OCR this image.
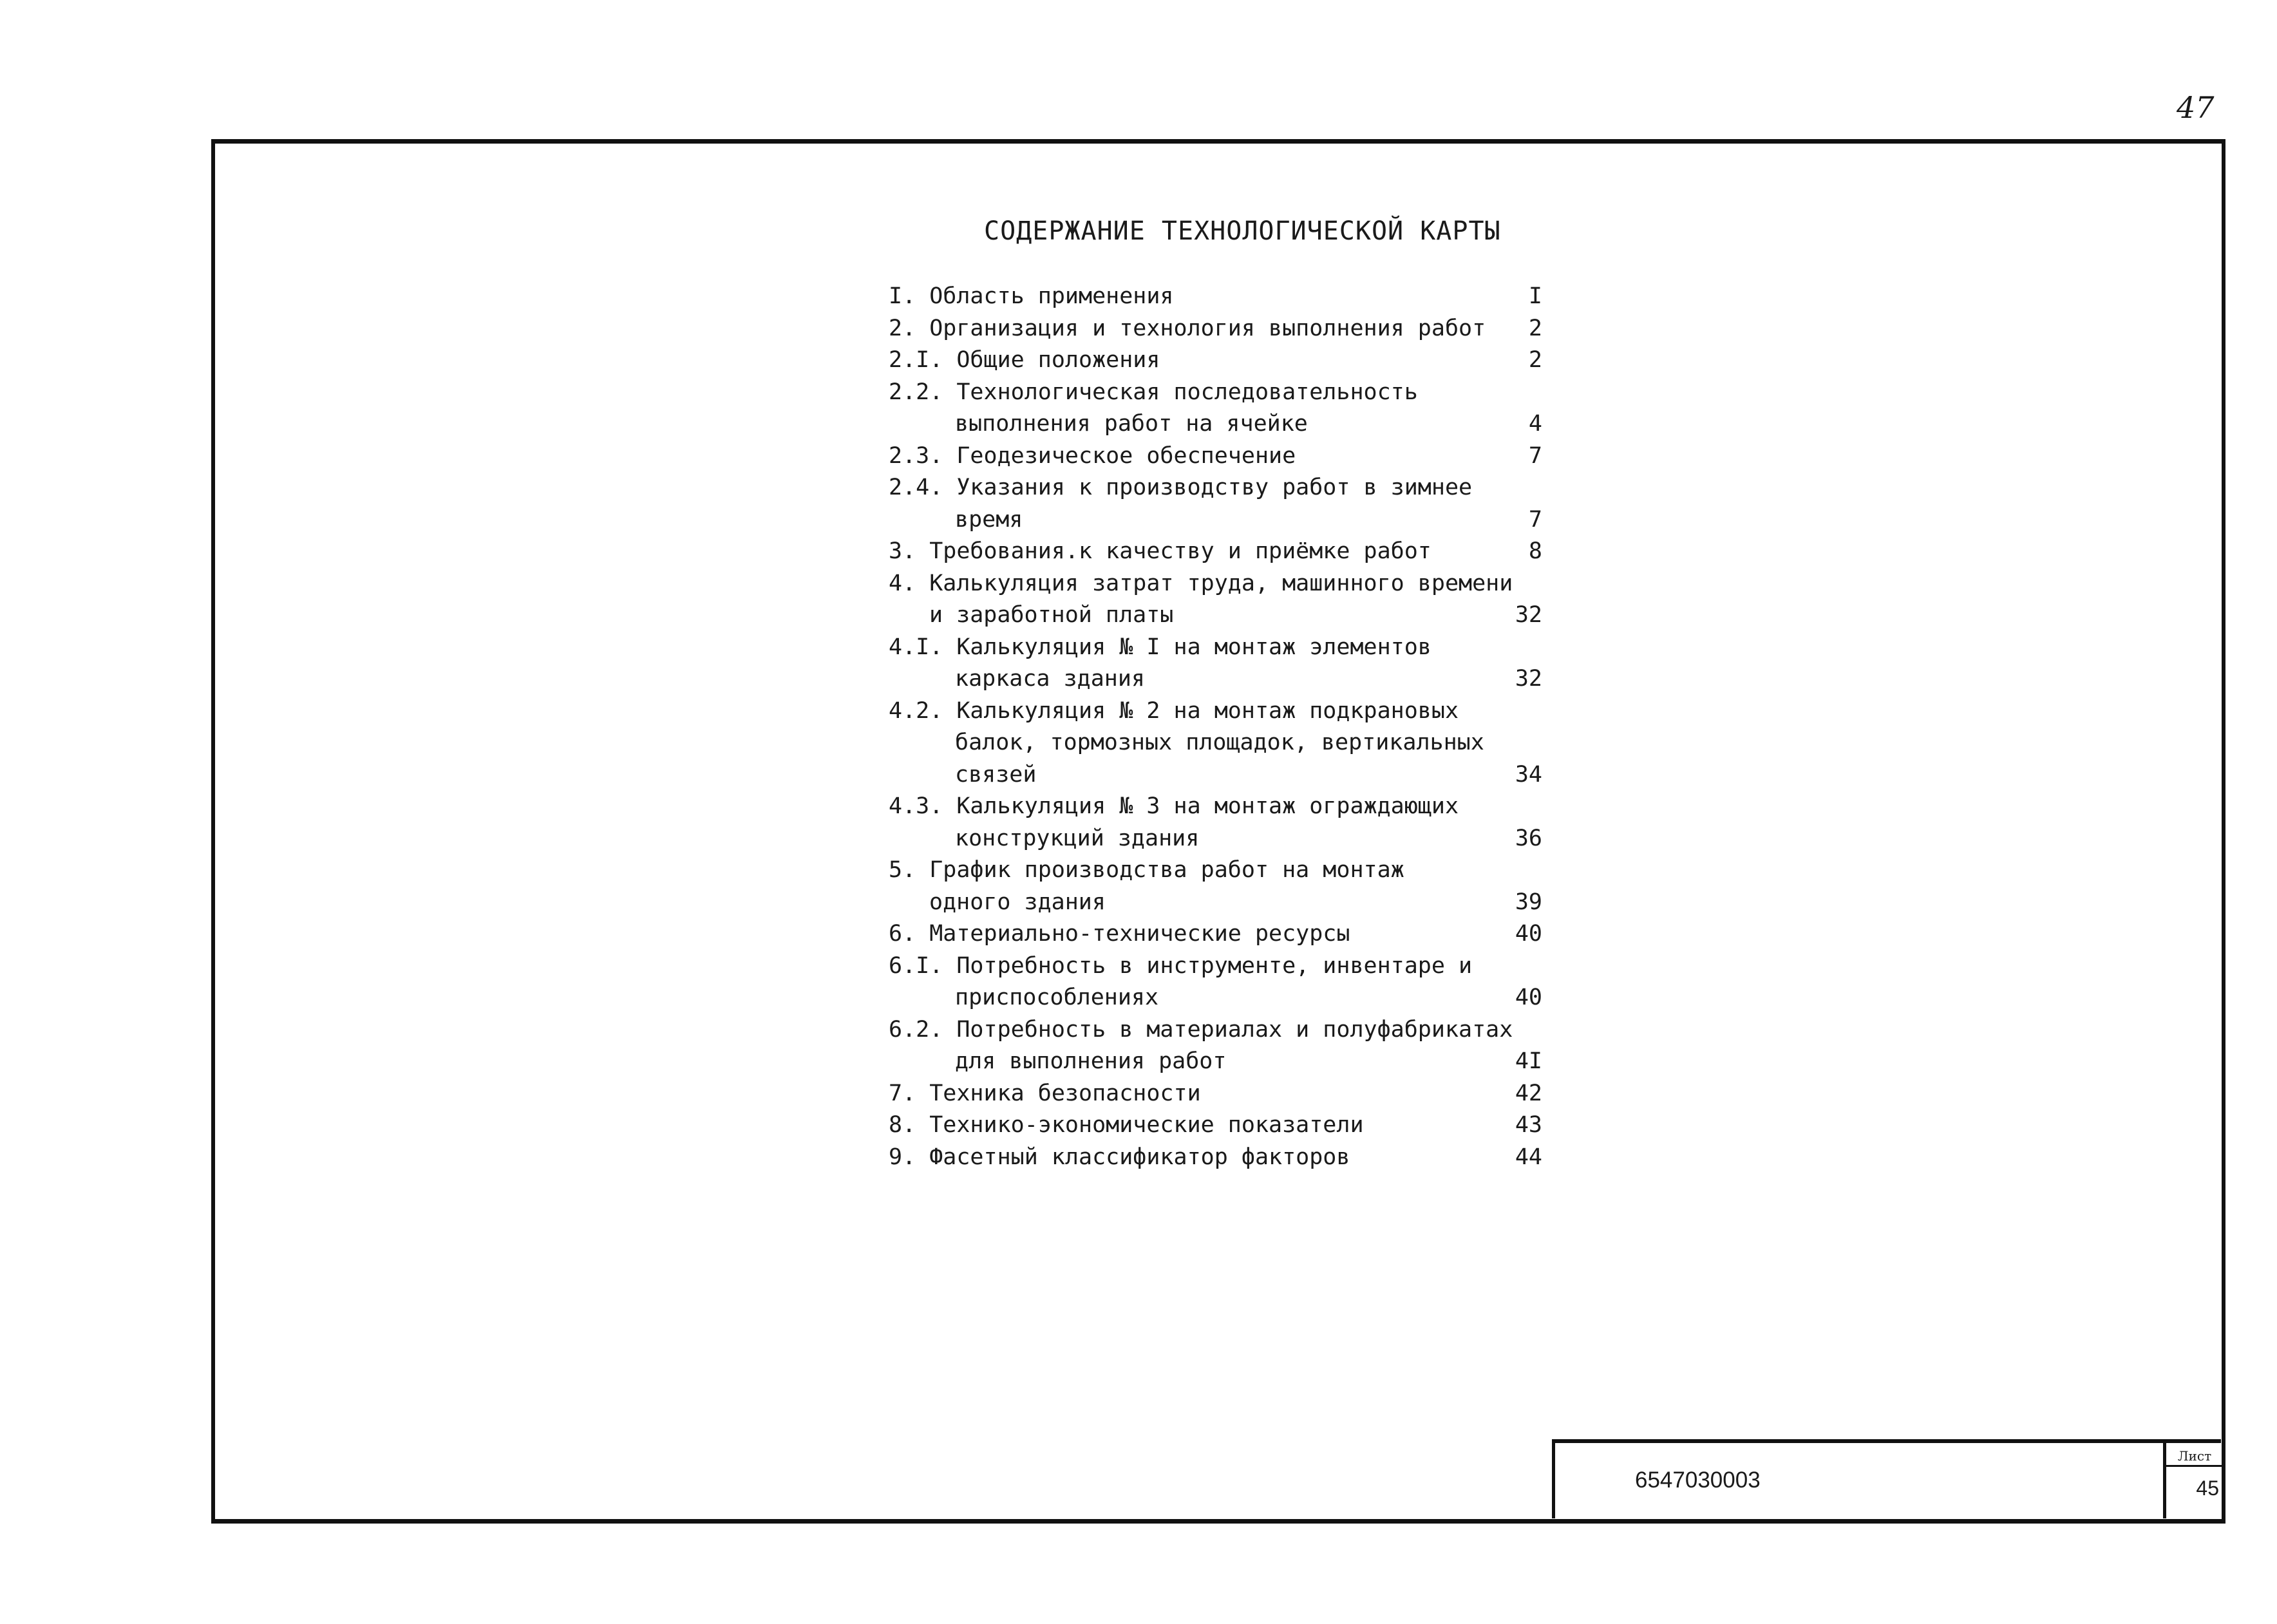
47
СОДЕРЖАНИЕ ТЕХНОЛОГИЧЕСКОЙ КАРТЫ
I. Область применения	I
2. Организация и технология выполнения работ	2
2.I. Общие положения	2
2.2. Технологическая последовательность
выполнения работ на ячейке	4
2.3. Геодезическое обеспечение	7
2.4. Указания к производству работ в зимнее
время	7
3. Требования.к качеству и приёмке работ	8
4. Калькуляция затрат труда, машинного времени
и заработной платы	32
4.I. Калькуляция № I на монтаж элементов
каркаса здания	32
4.2. Калькуляция № 2 на монтаж подкрановых
балок, тормозных площадок, вертикальных
связей	34
4.3. Калькуляция № 3 на монтаж ограждающих
конструкций здания	36
5. График производства работ на монтаж
одного здания	39
6. Материально-технические ресурсы	40
6.I. Потребность в инструменте, инвентаре и
приспособлениях	40
6.2. Потребность в материалах и полуфабрикатах
для выполнения работ	4I
7. Техника безопасности	42
8. Технико-экономические показатели	43
9. Фасетный классификатор факторов	44
6547030003
Лист
45
